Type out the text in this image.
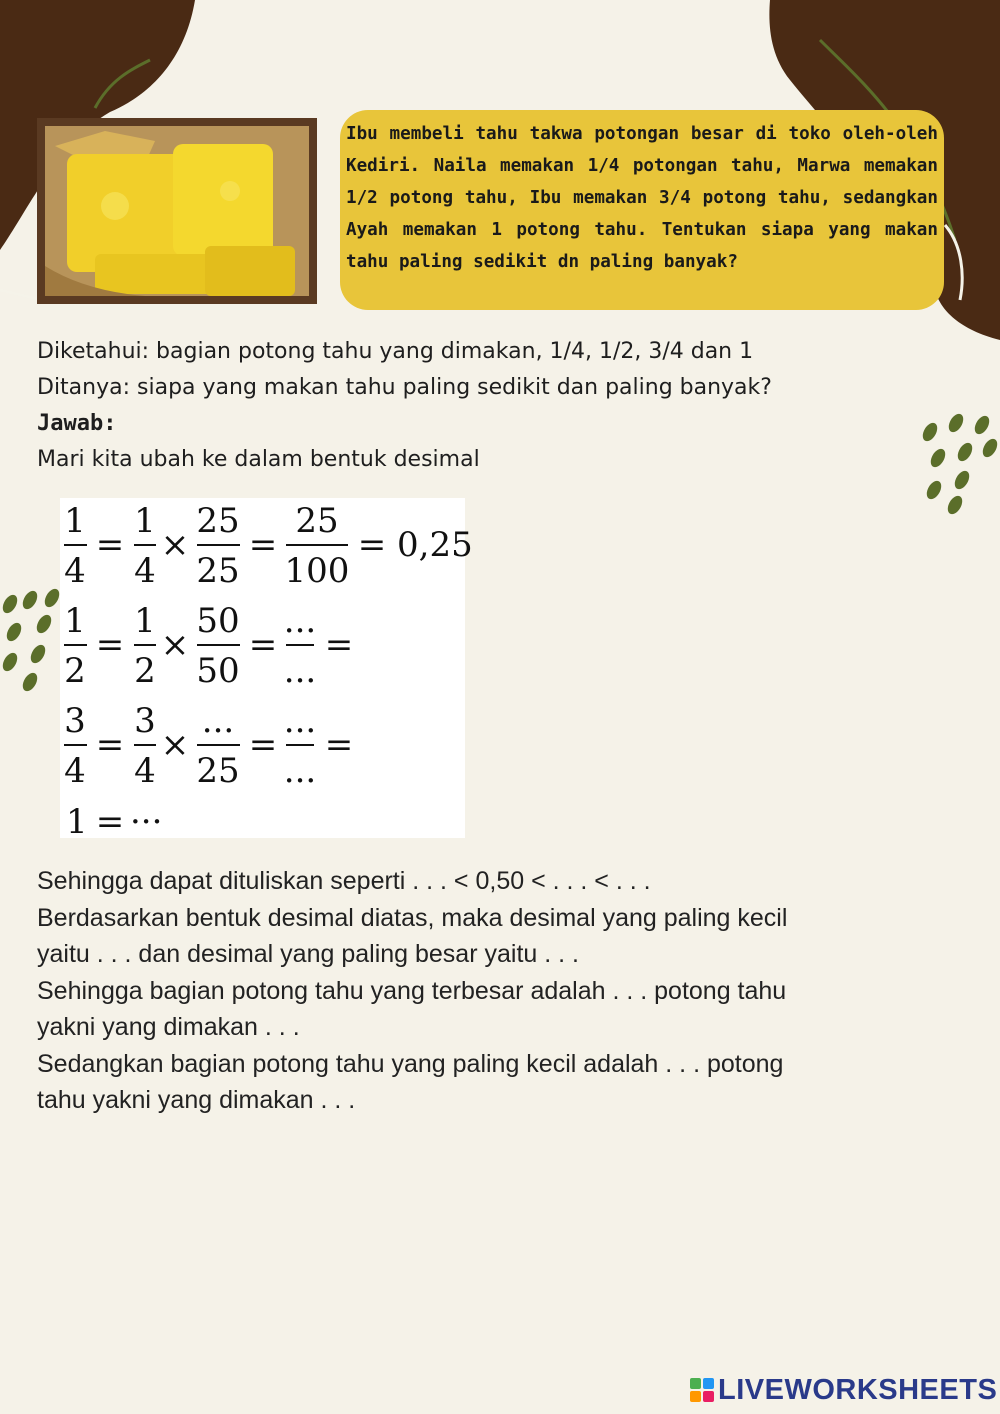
Ibu membeli tahu takwa potongan besar di toko oleh-oleh Kediri. Naila memakan 1/4 potongan tahu, Marwa memakan 1/2 potong tahu, Ibu memakan 3/4 potong tahu, sedangkan Ayah memakan 1 potong tahu. Tentukan siapa yang makan tahu paling sedikit dn paling banyak?

Diketahui: bagian potong tahu yang dimakan, 1/4, 1/2, 3/4 dan 1
Ditanya: siapa yang makan tahu paling sedikit dan paling banyak?
Jawab:
Mari kita ubah ke dalam bentuk desimal
1
4
=
1
4
×
25
25
=
25
100
= 0,25
1
2
=
1
2
×
50
50
=
...
...
=
3
4
=
3
4
×
...
25
=
...
...
=
1 = ···
Sehingga dapat dituliskan seperti . . . < 0,50 < . . . < . . .
Berdasarkan bentuk desimal diatas, maka desimal yang paling kecil
yaitu . . . dan desimal yang paling besar yaitu . . .
Sehingga bagian potong tahu yang terbesar adalah . . . potong tahu
yakni yang dimakan . . .
Sedangkan bagian potong tahu yang paling kecil adalah . . . potong
tahu yakni yang dimakan . . .
LIVEWORKSHEETS
